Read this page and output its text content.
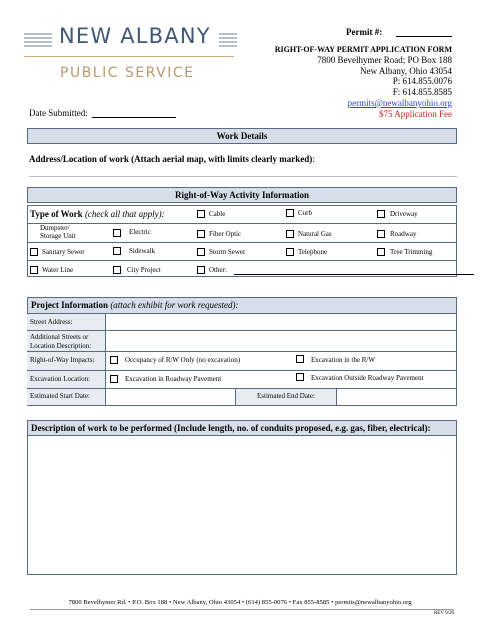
NEW ALBANY
PUBLIC SERVICE
Permit #:
RIGHT-OF-WAY PERMIT APPLICATION FORM
7800 Bevelhymer Road; PO Box 188
New Albany, Ohio 43054
P: 614.855.0076
F: 614.855.8585
permits@newalbanyohio.org
$75 Application Fee
Date Submitted:
Work Details
Address/Location of work (Attach aerial map, with limits clearly marked):
Right-of-Way Activity Information
Type of Work (check all that apply):	Cable	Curb	Driveway
Dumpster/
Storage Unit	Electric	Fiber Optic	Natural Gas	Roadway
Sanitary Sewer	Sidewalk	Storm Sewer	Telephone	Tree Trimming
Water Line	City Project	Other:
Project Information (attach exhibit for work requested):
Street Address:
Additional Streets or
Location Description:
Right-of-Way Impacts:	Occupancy of R/W Only (no excavation)	Excavation in the R/W
Excavation Location:	Excavation in Roadway Pavement	Excavation Outside Roadway Pavement
Estimated Start Date:	Estimated End Date:
Description of work to be performed (Include length, no. of conduits proposed, e.g. gas, fiber, electrical):
7800 Bevelhymer Rd. • P.O. Box 188 • New Albany, Ohio 43054 • (614) 855-0076 • Fax 855-8585 • permits@newalbanyohio.org
REV 9/26
